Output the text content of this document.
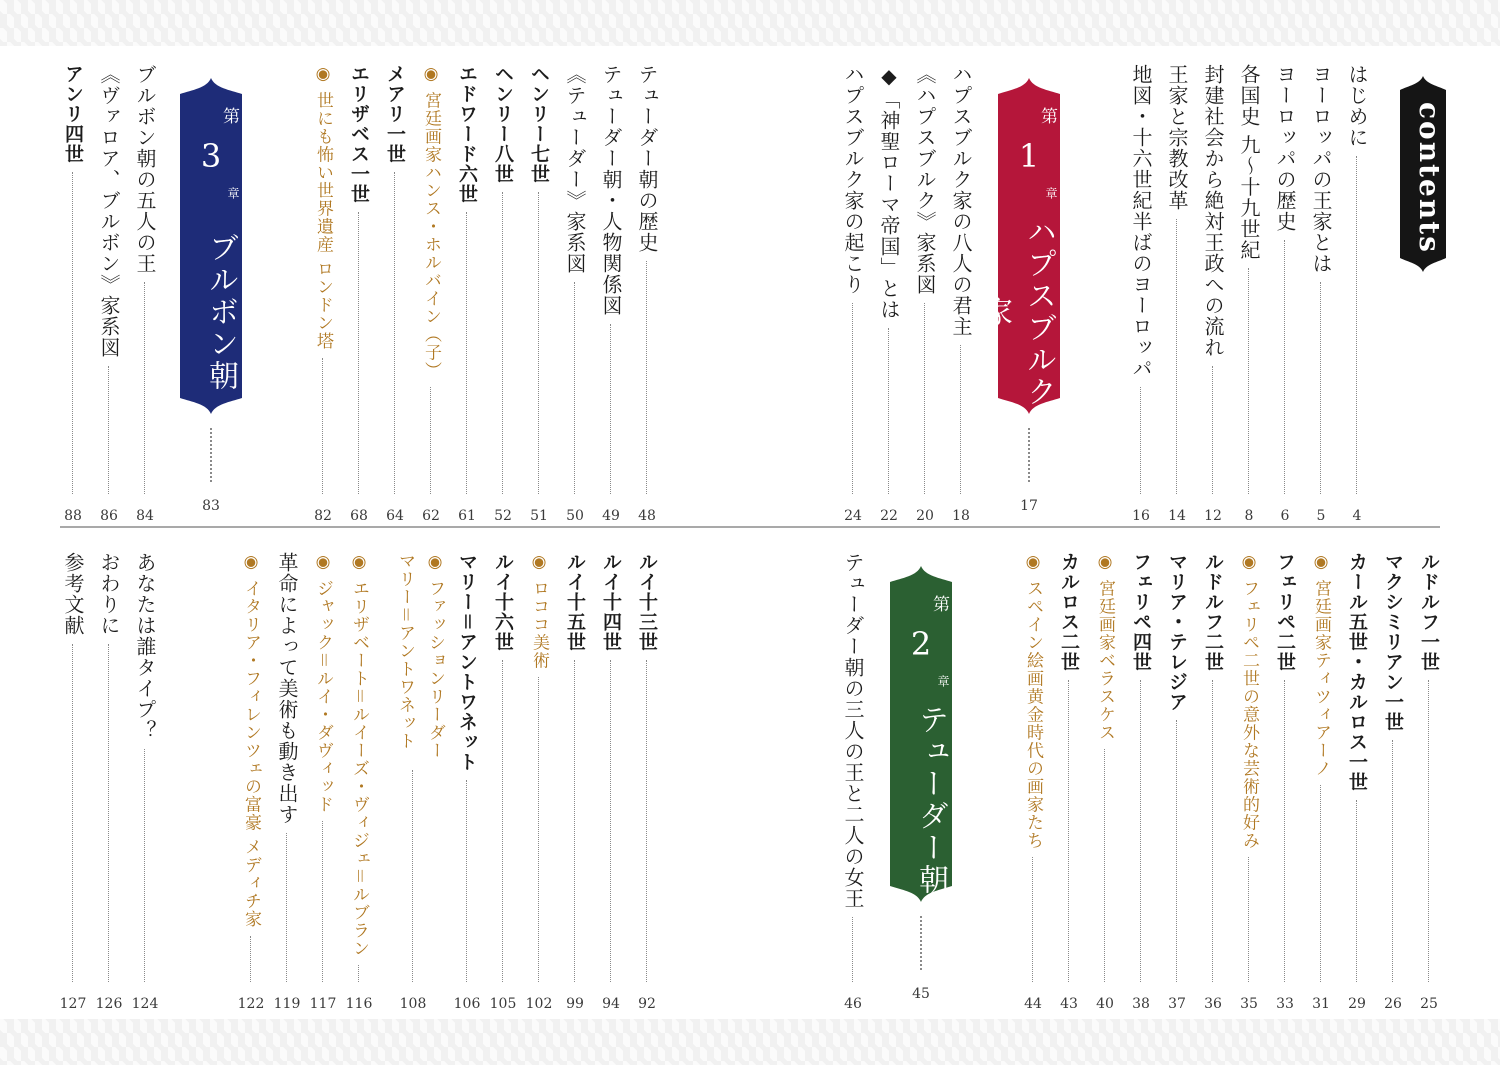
contents
第
1
章
ハプスブルク家
17
第
2
章
テューダー朝
45
第
3
章
ブルボン朝
83
はじめに
4
ヨーロッパの王家とは
5
ヨーロッパの歴史
6
各国史 九～十九世紀
8
封建社会から絶対王政への流れ
12
王家と宗教改革
14
地図・十六世紀半ばのヨーロッパ
16
ハプスブルク家の八人の君主
18
《ハプスブルク》家系図
20
◆「神聖ローマ帝国」とは
22
ハプスブルク家の起こり
24
テューダー朝の歴史
48
テューダー朝・人物関係図
49
《テューダー》家系図
50
ヘンリー七世
51
ヘンリー八世
52
エドワード六世
61
◉ 宮廷画家ハンス・ホルバイン（子）
62
メアリ一世
64
エリザベス一世
68
◉ 世にも怖い世界遺産 ロンドン塔
82
ブルボン朝の五人の王
84
《ヴァロア、ブルボン》家系図
86
アンリ四世
88
ルドルフ一世
25
マクシミリアン一世
26
カール五世・カルロス一世
29
◉ 宮廷画家ティツィアーノ
31
フェリペ二世
33
◉ フェリペ二世の意外な芸術的好み
35
ルドルフ二世
36
マリア・テレジア
37
フェリペ四世
38
◉ 宮廷画家ベラスケス
40
カルロス二世
43
◉ スペイン絵画黄金時代の画家たち
44
テューダー朝の三人の王と二人の女王
46
ルイ十三世
92
ルイ十四世
94
ルイ十五世
99
◉ ロココ美術
102
ルイ十六世
105
マリー＝アントワネット
106
◉ ファッションリーダー マリー＝アントワネット
108
◉ エリザベート＝ルイーズ・ヴィジェ＝ルブラン
116
◉ ジャック＝ルイ・ダヴィッド
117
革命によって美術も動き出す
119
◉ イタリア・フィレンツェの富豪 メディチ家
122
あなたは誰タイプ？
124
おわりに
126
参考文献
127
